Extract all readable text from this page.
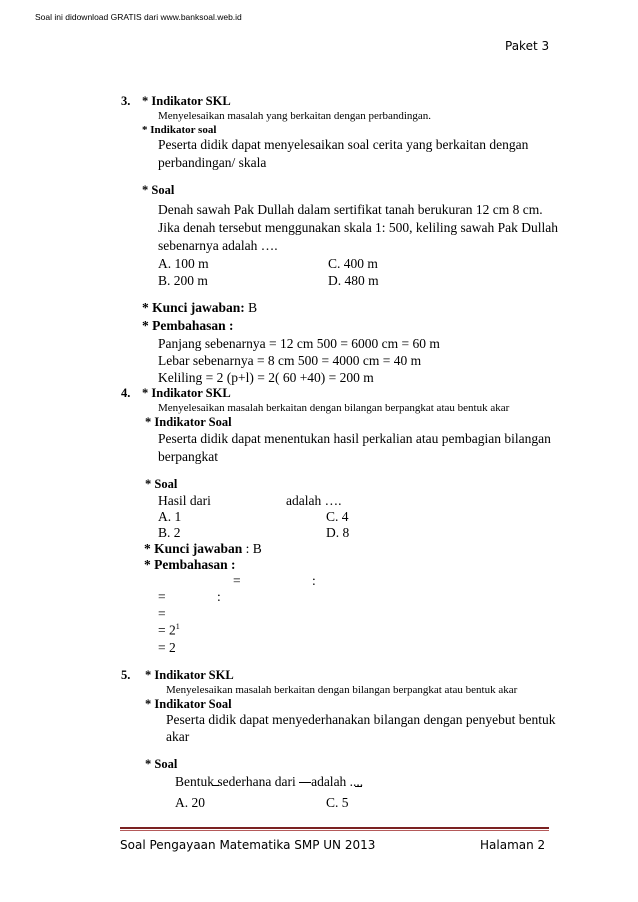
Soal ini didownload GRATIS dari www.banksoal.web.id
Paket 3
3. * Indikator SKL
Menyelesaikan masalah yang berkaitan dengan perbandingan.
* Indikator soal
Peserta didik dapat menyelesaikan soal cerita yang berkaitan dengan
perbandingan/ skala
* Soal
Denah sawah Pak Dullah dalam sertifikat tanah berukuran 12 cm 8 cm.
Jika denah tersebut menggunakan skala 1: 500, keliling sawah Pak Dullah
sebenarnya adalah ….
A. 100 m	C. 400 m
B. 200 m	D. 480 m
* Kunci jawaban: B
* Pembahasan :
Panjang sebenarnya = 12 cm 500 = 6000 cm = 60 m
Lebar sebenarnya = 8 cm 500 = 4000 cm = 40 m
Keliling = 2 (p+l) = 2( 60 +40) = 200 m
4. * Indikator SKL
Menyelesaikan masalah berkaitan dengan bilangan berpangkat atau bentuk akar
* Indikator Soal
Peserta didik dapat menentukan hasil perkalian atau pembagian bilangan
berpangkat
* Soal
Hasil dari	adalah ….
A. 1	C. 4
B. 2	D. 8
* Kunci jawaban : B
* Pembahasan :
=	:
=	:
=
= $2^1$
= 2
5. * Indikator SKL
Menyelesaikan masalah berkaitan dengan bilangan berpangkat atau bentuk akar
* Indikator Soal
Peserta didik dapat menyederhanakan bilangan dengan penyebut bentuk
akar
* Soal
Bentuk sederhana dari adalah ....
A. 20	C. 5
Soal Pengayaan Matematika SMP UN 2013	Halaman 2
